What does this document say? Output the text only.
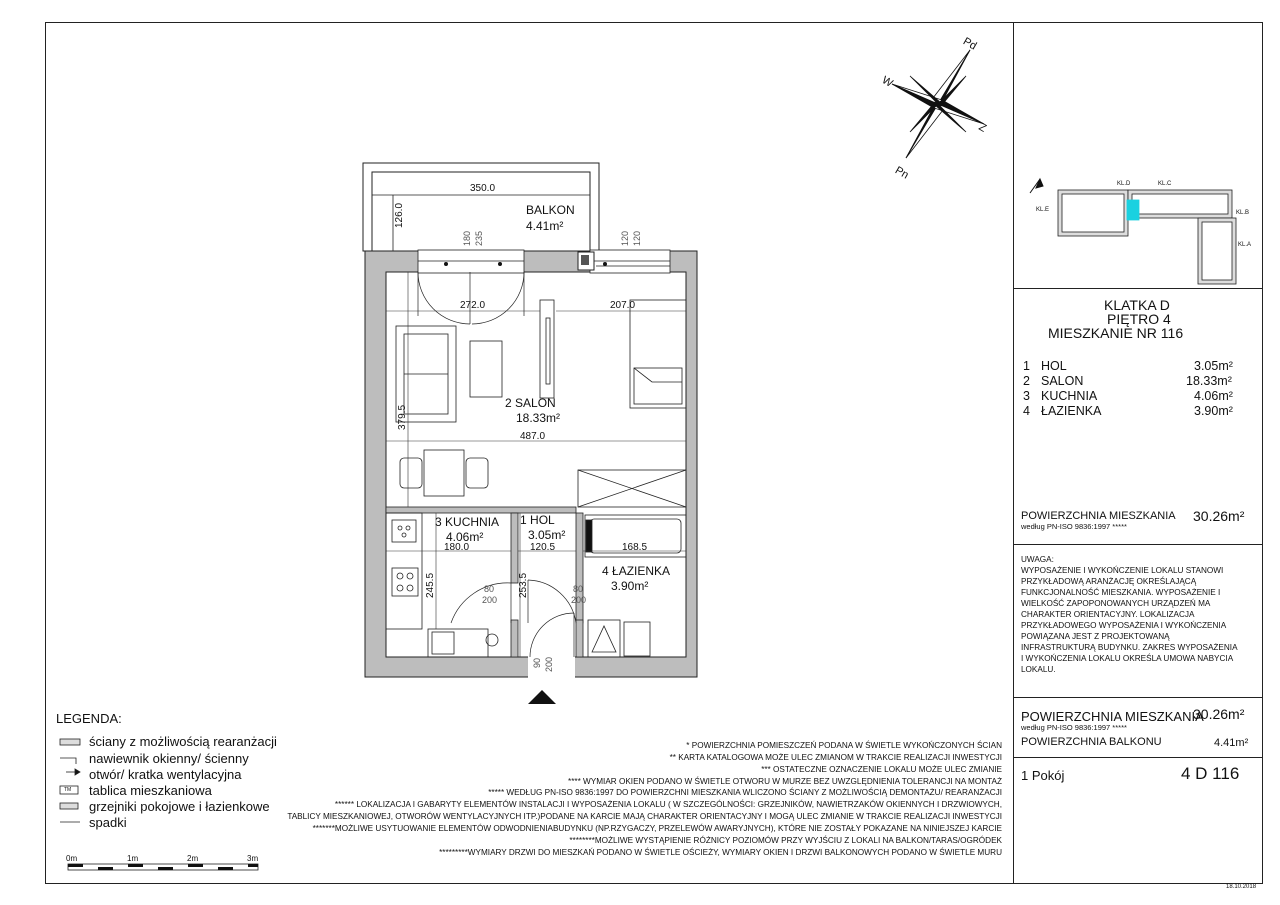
Pd
W
Z
Pn
350.0
126.0	BALKON
4.41m²
180 235	120 120
272.0	207.0
487.0
379.5
2 SALON
18.33m²
3 KUCHNIA
4.06m²
1 HOL
3.05m²
4 ŁAZIENKA
3.90m²
180.0	120.5	168.5
245.5	253.5
80
200
80
200
90 200
KL.D	KL.C
KL.E	KL.B
KL.A
KLATKA D
PIĘTRO 4
MIESZKANIE NR 116
1 HOL	3.05m²
2 SALON	18.33m²
3 KUCHNIA	4.06m²
4 ŁAZIENKA	3.90m²
POWIERZCHNIA MIESZKANIA
według PN-ISO 9836:1997 *****
30.26m²
UWAGA:
WYPOSAŻENIE I WYKOŃCZENIE LOKALU STANOWI
PRZYKŁADOWĄ ARANŻACJĘ OKREŚLAJĄCĄ
FUNKCJONALNOŚĆ MIESZKANIA. WYPOSAŻENIE I
WIELKOŚĆ ZAPOPONOWANYCH URZĄDZEŃ MA
CHARAKTER ORIENTACYJNY. LOKALIZACJA
PRZYKŁADOWEGO WYPOSAŻENIA I WYKOŃCZENIA
POWIĄZANA JEST Z PROJEKTOWANĄ
INFRASTRUKTURĄ BUDYNKU. ZAKRES WYPOSAŻENIA
I WYKOŃCZENIA LOKALU OKREŚLA UMOWA NABYCIA
LOKALU.
POWIERZCHNIA MIESZKANIA
30.26m²
według PN-ISO 9836:1997 *****
POWIERZCHNIA BALKONU	4.41m²
1 Pokój	4 D 116
18.10.2018
LEGENDA:
ściany z możliwością rearanżacji
nawiewnik okienny/ ścienny
otwór/ kratka wentylacyjna
tablica mieszkaniowa
grzejniki pokojowe i łazienkowe
spadki
TM
0m	1m	2m	3m
* POWIERZCHNIA POMIESZCZEŃ PODANA W ŚWIETLE WYKOŃCZONYCH ŚCIAN
** KARTA KATALOGOWA MOŻE ULEC ZMIANOM W TRAKCIE REALIZACJI INWESTYCJI
*** OSTATECZNE OZNACZENIE LOKALU MOŻE ULEC ZMIANIE
**** WYMIAR OKIEN PODANO W ŚWIETLE OTWORU W MURZE BEZ UWZGLĘDNIENIA TOLERANCJI NA MONTAŻ
***** WEDŁUG PN-ISO 9836:1997 DO POWIERZCHNI MIESZKANIA WLICZONO ŚCIANY Z MOŻLIWOŚCIĄ DEMONTAŻU/ REARANŻACJI
****** LOKALIZACJA I GABARYTY ELEMENTÓW INSTALACJI I WYPOSAŻENIA LOKALU ( W SZCZEGÓLNOŚCI: GRZEJNIKÓW, NAWIETRZAKÓW OKIENNYCH I DRZWIOWYCH,
TABLICY MIESZKANIOWEJ, OTWORÓW WENTYLACYJNYCH ITP.)PODANE NA KARCIE MAJĄ CHARAKTER ORIENTACYJNY I MOGĄ ULEC ZMIANIE W TRAKCIE REALIZACJI INWESTYCJI
*******MOŻLIWE USYTUOWANIE ELEMENTÓW ODWODNIENIABUDYNKU (NP.RZYGACZY, PRZELEWÓW AWARYJNYCH), KTÓRE NIE ZOSTAŁY POKAZANE NA NINIEJSZEJ KARCIE
********MOŻLIWE WYSTĄPIENIE RÓŻNICY POZIOMÓW PRZY WYJŚCIU Z LOKALI NA BALKON/TARAS/OGRÓDEK
*********WYMIARY DRZWI DO MIESZKAŃ PODANO W ŚWIETLE OŚCIEŻY, WYMIARY OKIEN I DRZWI BALKONOWYCH PODANO W ŚWIETLE MURU
